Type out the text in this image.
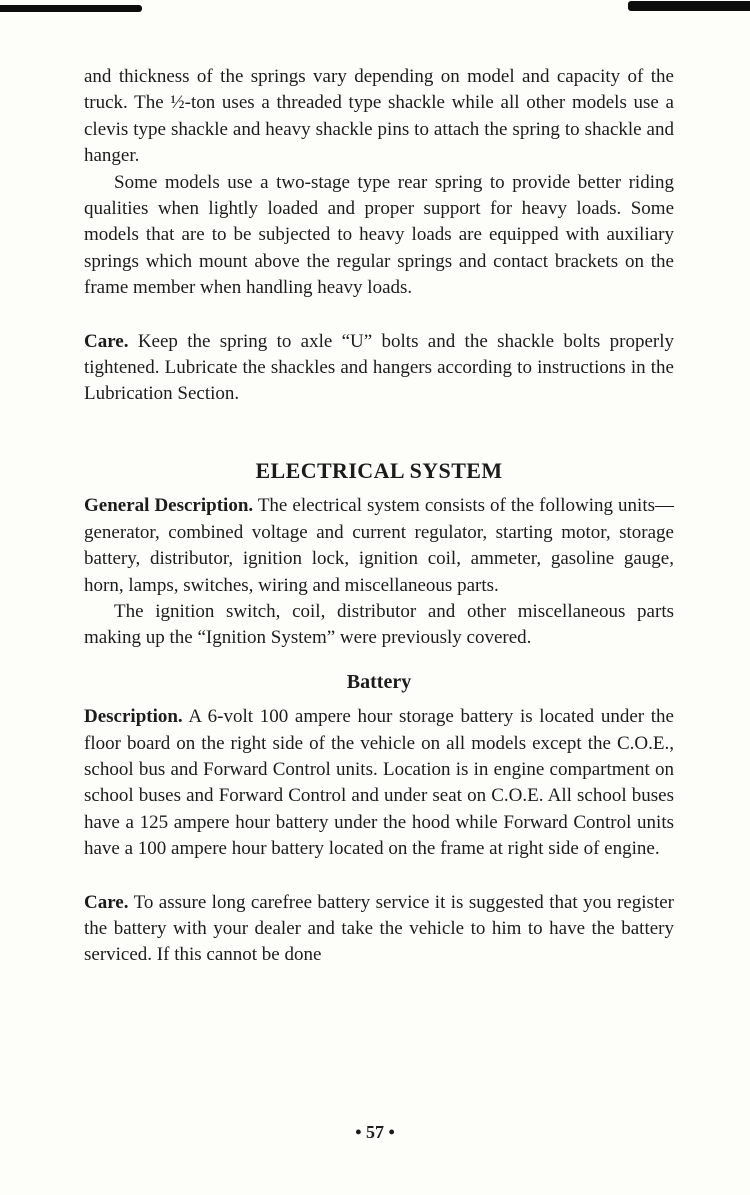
and thickness of the springs vary depending on model and capacity of the truck. The ½-ton uses a threaded type shackle while all other models use a clevis type shackle and heavy shackle pins to attach the spring to shackle and hanger.

Some models use a two-stage type rear spring to provide better riding qualities when lightly loaded and proper support for heavy loads. Some models that are to be subjected to heavy loads are equipped with auxiliary springs which mount above the regular springs and contact brackets on the frame member when handling heavy loads.

Care. Keep the spring to axle “U” bolts and the shackle bolts properly tightened. Lubricate the shackles and hangers according to instructions in the Lubrication Section.

ELECTRICAL SYSTEM

General Description. The electrical system consists of the following units—generator, combined voltage and current regulator, starting motor, storage battery, distributor, ignition lock, ignition coil, ammeter, gasoline gauge, horn, lamps, switches, wiring and miscellaneous parts.

The ignition switch, coil, distributor and other miscellaneous parts making up the “Ignition System” were previously covered.

Battery

Description. A 6-volt 100 ampere hour storage battery is located under the floor board on the right side of the vehicle on all models except the C.O.E., school bus and Forward Control units. Location is in engine compartment on school buses and Forward Control and under seat on C.O.E. All school buses have a 125 ampere hour battery under the hood while Forward Control units have a 100 ampere hour battery located on the frame at right side of engine.

Care. To assure long carefree battery service it is suggested that you register the battery with your dealer and take the vehicle to him to have the battery serviced. If this cannot be done

• 57 •
